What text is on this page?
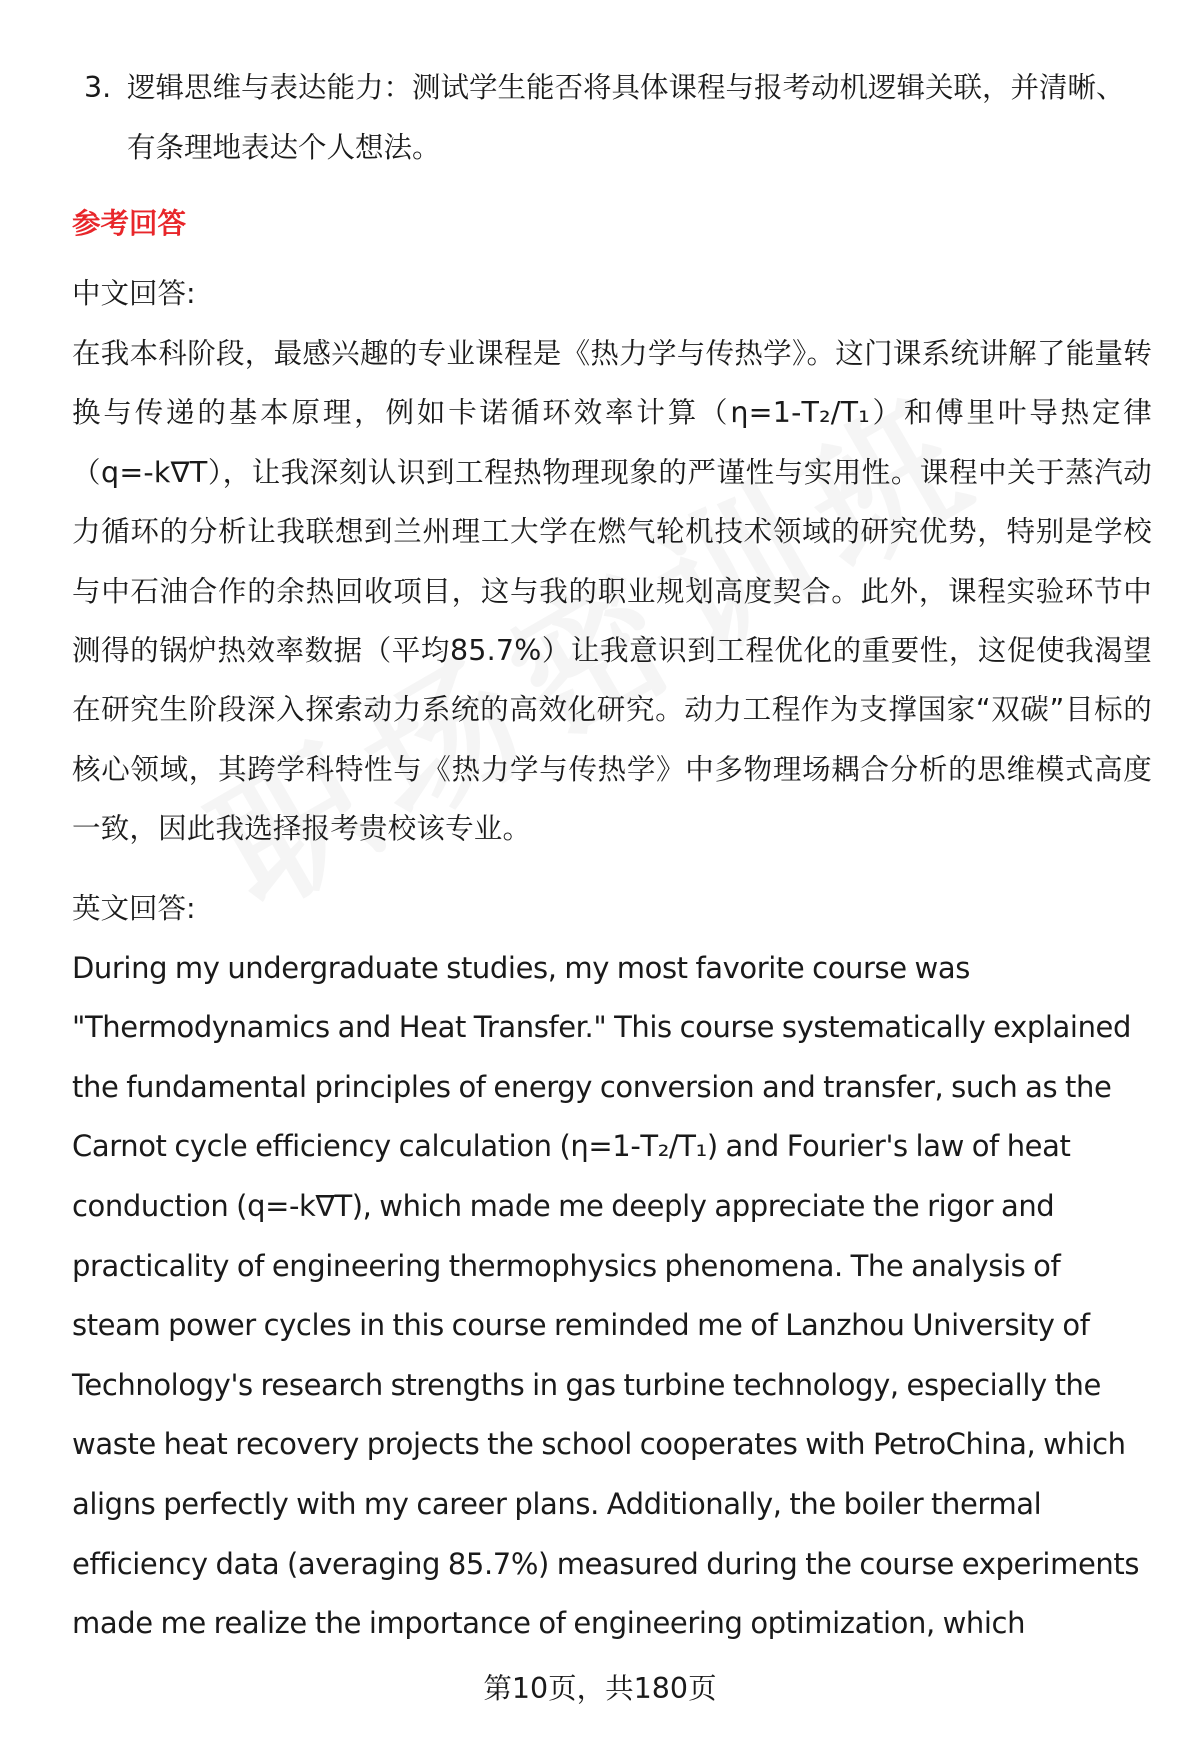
3. 逻辑思维与表达能力：测试学生能否将具体课程与报考动机逻辑关联，并清晰、有条理地表达个人想法。
参考回答
中文回答:
在我本科阶段，最感兴趣的专业课程是《热力学与传热学》。这门课系统讲解了能量转换与传递的基本原理，例如卡诺循环效率计算（η=1-T₂/T₁）和傅里叶导热定律（q=-k∇T），让我深刻认识到工程热物理现象的严谨性与实用性。课程中关于蒸汽动力循环的分析让我联想到兰州理工大学在燃气轮机技术领域的研究优势，特别是学校与中石油合作的余热回收项目，这与我的职业规划高度契合。此外，课程实验环节中测得的锅炉热效率数据（平均85.7%）让我意识到工程优化的重要性，这促使我渴望在研究生阶段深入探索动力系统的高效化研究。动力工程作为支撑国家“双碳”目标的核心领域，其跨学科特性与《热力学与传热学》中多物理场耦合分析的思维模式高度一致，因此我选择报考贵校该专业。
英文回答:
During my undergraduate studies, my most favorite course was
"Thermodynamics and Heat Transfer." This course systematically explained
the fundamental principles of energy conversion and transfer, such as the
Carnot cycle efficiency calculation (η=1-T₂/T₁) and Fourier's law of heat
conduction (q=-k∇T), which made me deeply appreciate the rigor and
practicality of engineering thermophysics phenomena. The analysis of
steam power cycles in this course reminded me of Lanzhou University of
Technology's research strengths in gas turbine technology, especially the
waste heat recovery projects the school cooperates with PetroChina, which
aligns perfectly with my career plans. Additionally, the boiler thermal
efficiency data (averaging 85.7%) measured during the course experiments
made me realize the importance of engineering optimization, which
第10页，共180页
